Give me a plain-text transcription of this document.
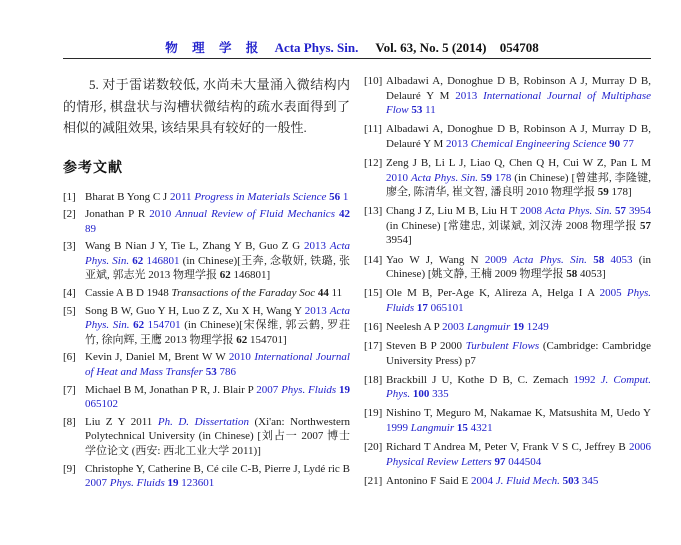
物 理 学 报 Acta Phys. Sin. Vol. 63, No. 5 (2014) 054708

5. 对于雷诺数较低, 水尚未大量涌入微结构内的情形, 棋盘状与沟槽状微结构的疏水表面得到了相似的减阻效果, 该结果具有较好的一般性.

参考文献
[1] Bharat B Yong C J 2011 Progress in Materials Science 56 1
[2] Jonathan P R 2010 Annual Review of Fluid Mechanics 42 89
[3] Wang B Nian J Y, Tie L, Zhang Y B, Guo Z G 2013 Acta Phys. Sin. 62 146801 (in Chinese)[王奔, 念敬妍, 铁璐, 张亚斌, 郭志光 2013 物理学报 62 146801]
[4] Cassie A B D 1948 Transactions of the Faraday Soc 44 11
[5] Song B W, Guo Y H, Luo Z Z, Xu X H, Wang Y 2013 Acta Phys. Sin. 62 154701 (in Chinese)[宋保维, 郭云鹤, 罗荘竹, 徐向辉, 王鹰 2013 物理学报 62 154701]
[6] Kevin J, Daniel M, Brent W W 2010 International Journal of Heat and Mass Transfer 53 786
[7] Michael B M, Jonathan P R, J. Blair P 2007 Phys. Fluids 19 065102
[8] Liu Z Y 2011 Ph. D. Dissertation (Xi'an: Northwestern Polytechnical University (in Chinese) [刘占一 2007 博士学位论文 (西安: 西北工业大学 2011)]
[9] Christophe Y, Catherine B, Cé cile C-B, Pierre J, Lydé ric B 2007 Phys. Fluids 19 123601
[10] Albadawi A, Donoghue D B, Robinson A J, Murray D B, Delauré Y M 2013 International Journal of Multiphase Flow 53 11
[11] Albadawi A, Donoghue D B, Robinson A J, Murray D B, Delauré Y M 2013 Chemical Engineering Science 90 77
[12] Zeng J B, Li L J, Liao Q, Chen Q H, Cui W Z, Pan L M 2010 Acta Phys. Sin. 59 178 (in Chinese) [曾建邦, 李隆键, 廖全, 陈清华, 崔文智, 潘良明 2010 物理学报 59 178]
[13] Chang J Z, Liu M B, Liu H T 2008 Acta Phys. Sin. 57 3954 (in Chinese) [常建忠, 刘谋斌, 刘汉涛 2008 物理学报 57 3954]
[14] Yao W J, Wang N 2009 Acta Phys. Sin. 58 4053 (in Chinese) [姚文静, 王楠 2009 物理学报 58 4053]
[15] Ole M B, Per-Age K, Alireza A, Helga I A 2005 Phys. Fluids 17 065101
[16] Neelesh A P 2003 Langmuir 19 1249
[17] Steven B P 2000 Turbulent Flows (Cambridge: Cambridge University Press) p7
[18] Brackbill J U, Kothe D B, C. Zemach 1992 J. Comput. Phys. 100 335
[19] Nishino T, Meguro M, Nakamae K, Matsushita M, Uedo Y 1999 Langmuir 15 4321
[20] Richard T Andrea M, Peter V, Frank V S C, Jeffrey B 2006 Physical Review Letters 97 044504
[21] Antonino F Said E 2004 J. Fluid Mech. 503 345
